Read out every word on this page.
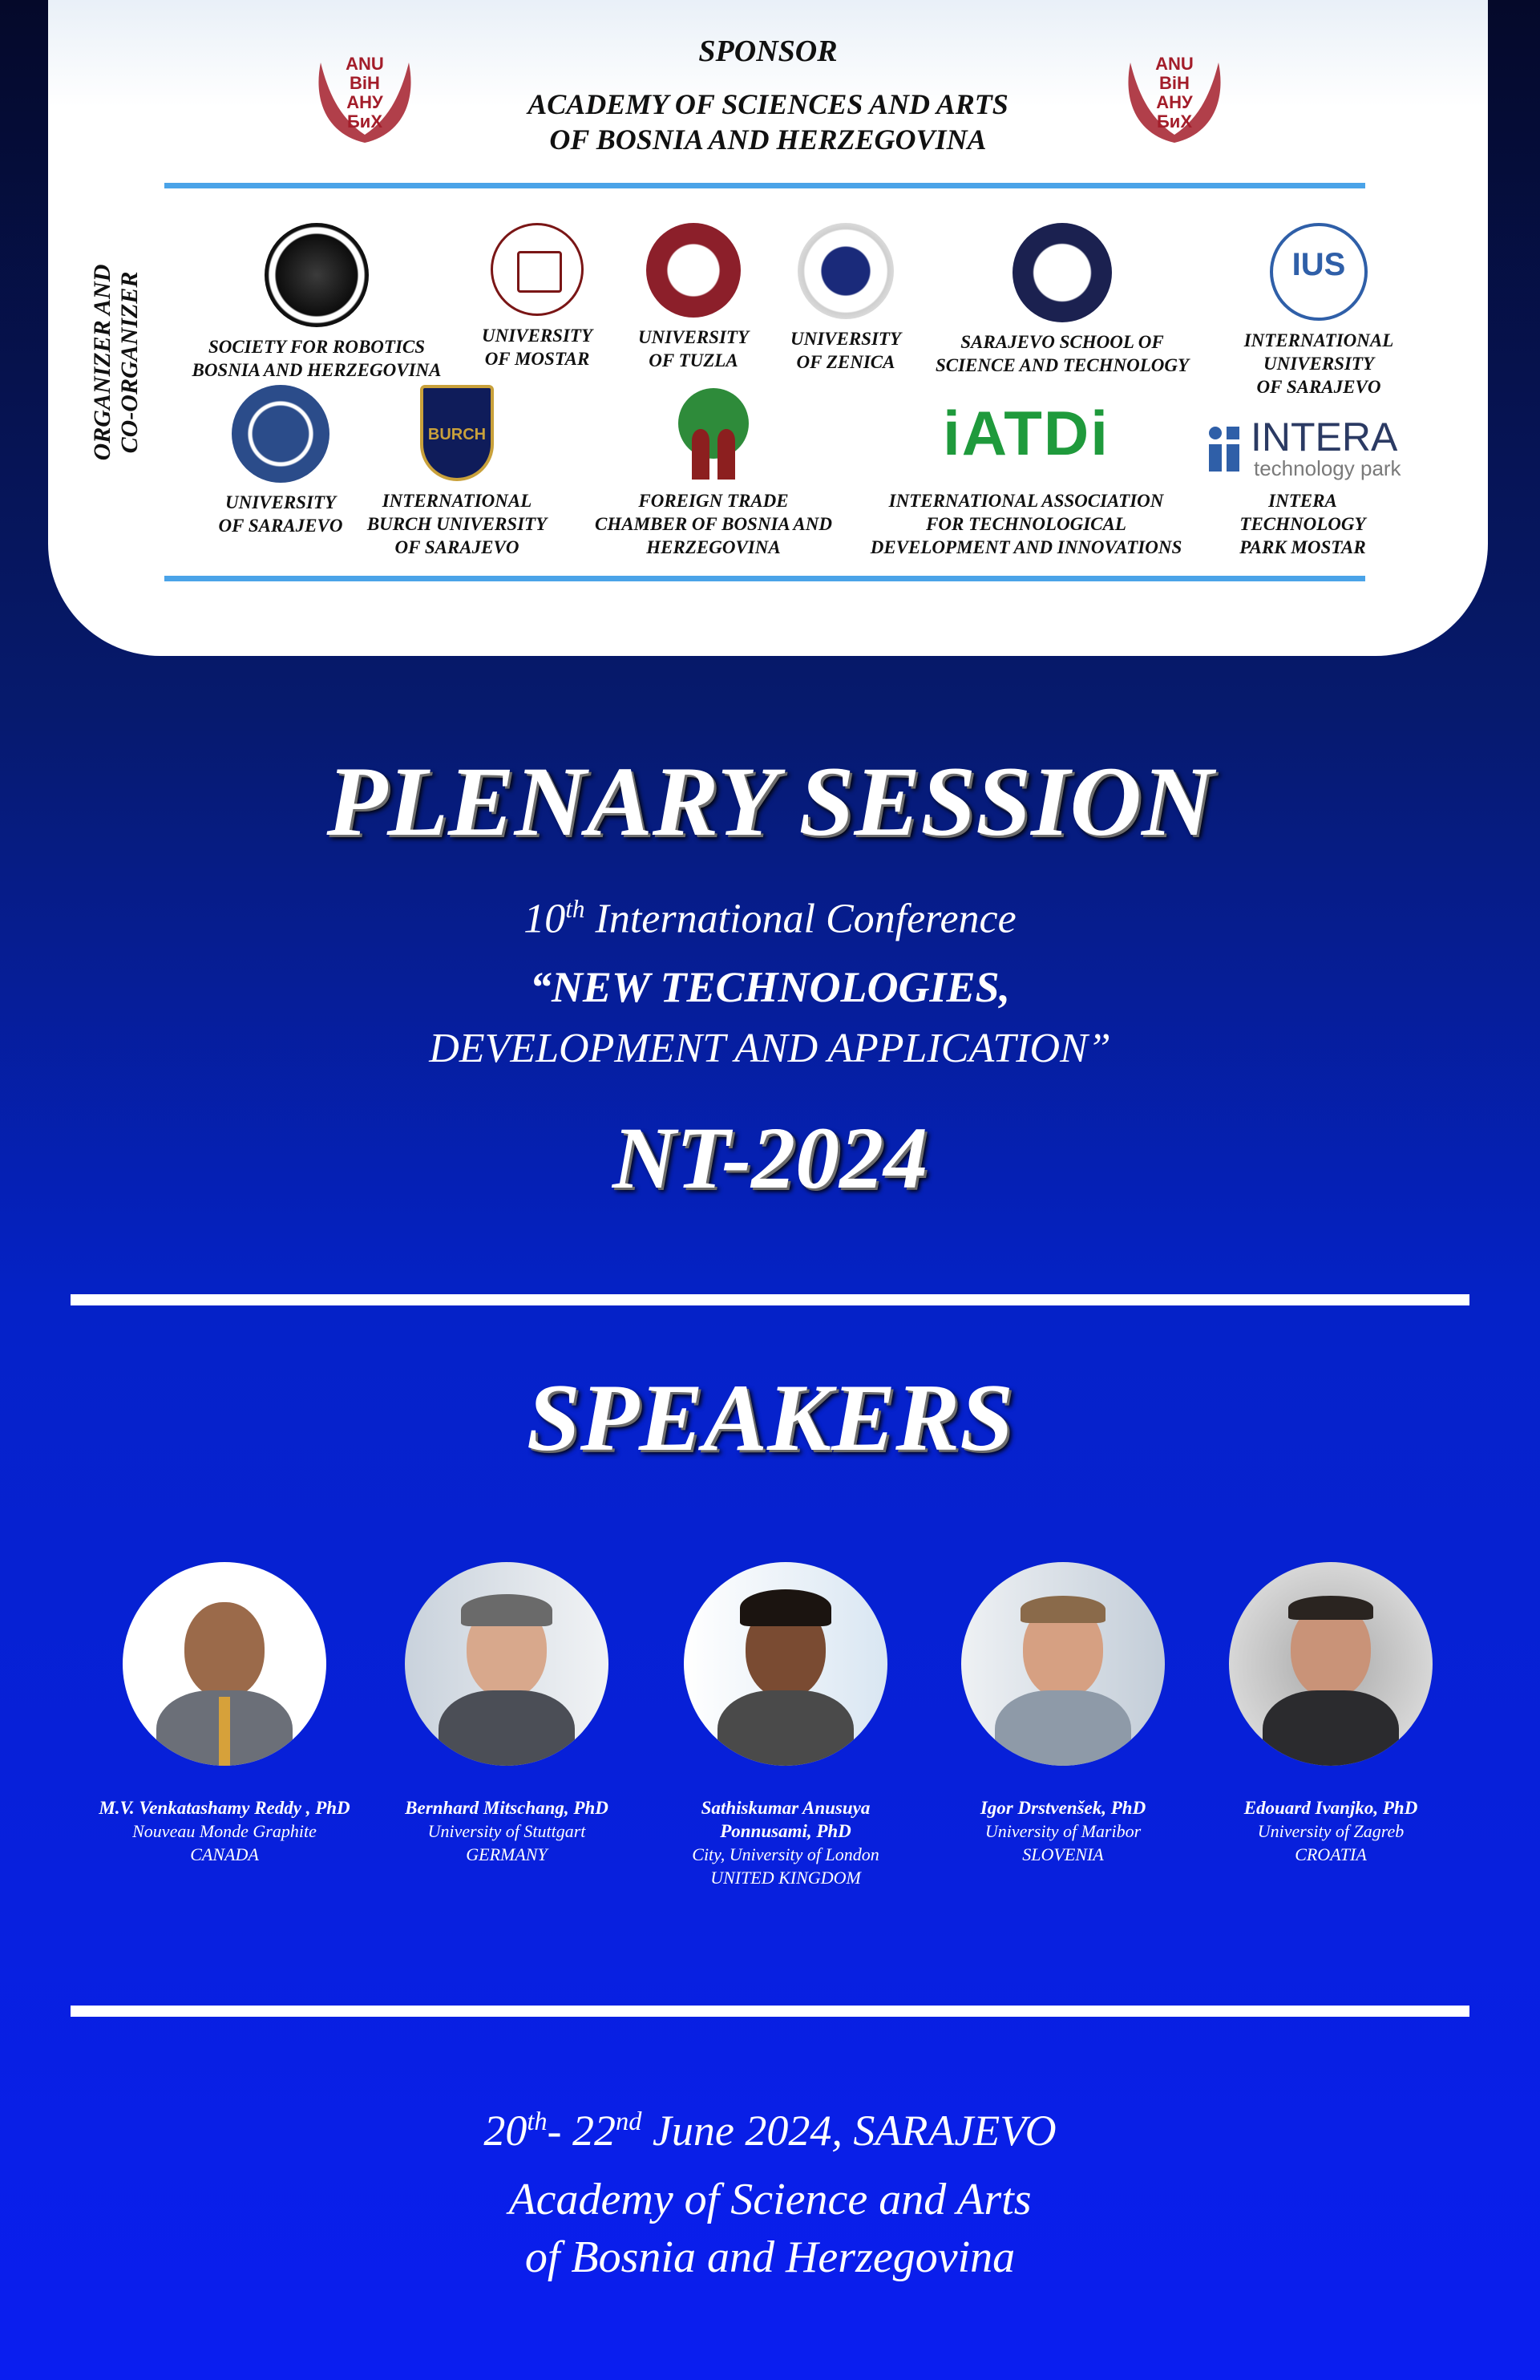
ANU
BiH
АНУ
БиХ
ANU
BiH
АНУ
БиХ
SPONSOR
ACADEMY OF SCIENCES AND ARTS
OF BOSNIA AND HERZEGOVINA
ORGANIZER AND CO-ORGANIZER	SOCIETY FOR ROBOTICS
BOSNIA AND HERZEGOVINA
UNIVERSITY
OF MOSTAR
UNIVERSITY
OF TUZLA
UNIVERSITY
OF ZENICA
SARAJEVO SCHOOL OF
SCIENCE AND TECHNOLOGY
IUS
INTERNATIONAL
UNIVERSITY
OF SARAJEVO
UNIVERSITY
OF SARAJEVO
BURCH
INTERNATIONAL
BURCH UNIVERSITY
OF SARAJEVO
FOREIGN TRADE
CHAMBER OF BOSNIA AND
HERZEGOVINA
iATDi
INTERNATIONAL ASSOCIATION
FOR TECHNOLOGICAL
DEVELOPMENT AND INNOVATIONS
INTERA
technology park
INTERA
TECHNOLOGY
PARK MOSTAR
PLENARY SESSION
10th International Conference
“NEW TECHNOLOGIES,
DEVELOPMENT AND APPLICATION”
NT-2024
SPEAKERS
M.V. Venkatashamy Reddy , PhD
Nouveau Monde Graphite
CANADA
Bernhard Mitschang, PhD
University of Stuttgart
GERMANY
Sathiskumar Anusuya
Ponnusami, PhD
City, University of London
UNITED KINGDOM
Igor Drstvenšek, PhD
University of Maribor
SLOVENIA
Edouard Ivanjko, PhD
University of Zagreb
CROATIA
20th- 22nd June 2024, SARAJEVO
Academy of Science and Arts
of Bosnia and Herzegovina
